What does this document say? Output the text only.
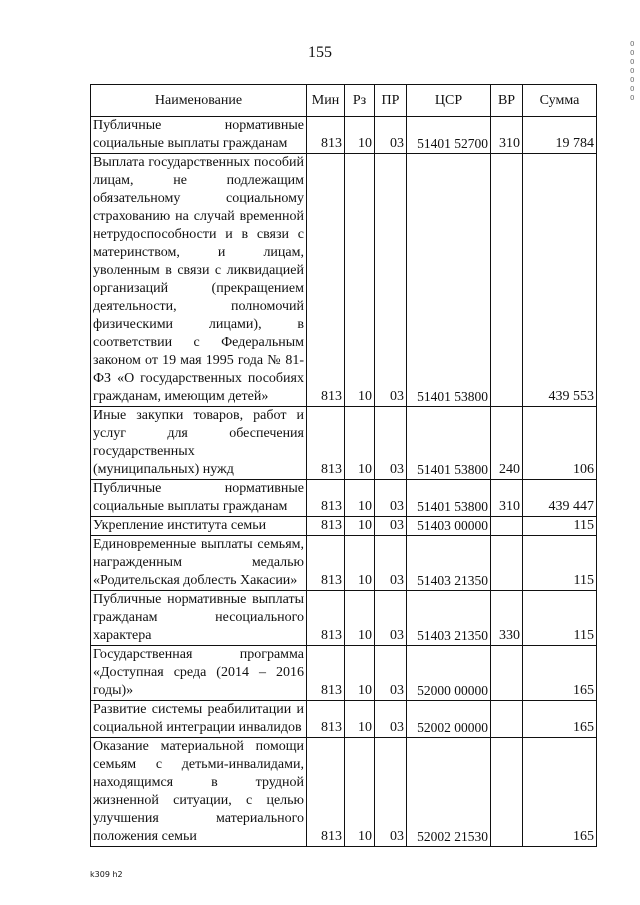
155
Наименование	Мин	Рз	ПР	ЦСР	ВР	Сумма
Публичные нормативные социальные выплаты гражданам	813	10	03	51401 52700	310	19 784
Выплата государственных пособий лицам, не подлежащим обязательному социальному страхованию на случай временной нетрудоспособности и в связи с материнством, и лицам, уволенным в связи с ликвидацией организаций (прекращением деятельности, полномочий физическими лицами), в соответствии с Федеральным законом от 19 мая 1995 года № 81-ФЗ «О государственных пособиях гражданам, имеющим детей»	813	10	03	51401 53800		439 553
Иные закупки товаров, работ и услуг для обеспечения государственных (муниципальных) нужд	813	10	03	51401 53800	240	106
Публичные нормативные социальные выплаты гражданам	813	10	03	51401 53800	310	439 447
Укрепление института семьи	813	10	03	51403 00000		115
Единовременные выплаты семьям, награжденным медалью «Родительская доблесть Хакасии»	813	10	03	51403 21350		115
Публичные нормативные выплаты гражданам несоциального характера	813	10	03	51403 21350	330	115
Государственная программа «Доступная среда (2014 – 2016 годы)»	813	10	03	52000 00000		165
Развитие системы реабилитации и социальной интеграции инвалидов	813	10	03	52002 00000		165
Оказание материальной помощи семьям с детьми-инвалидами, находящимся в трудной жизненной ситуации, с целью улучшения материального положения семьи	813	10	03	52002 21530		165
k309 h2
0000000
